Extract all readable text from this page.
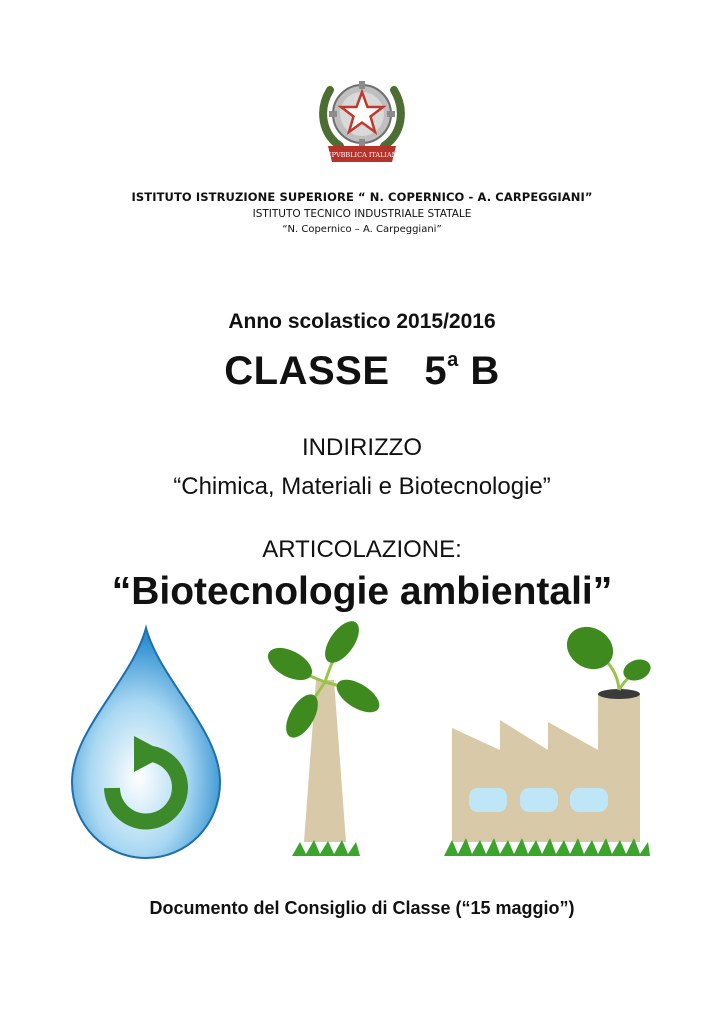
REPVBBLICA ITALIANA
ISTITUTO ISTRUZIONE SUPERIORE “ N. COPERNICO - A. CARPEGGIANI”
ISTITUTO TECNICO INDUSTRIALE STATALE
“N. Copernico – A. Carpeggiani”
Anno scolastico 2015/2016
CLASSE 5$^a$ B
INDIRIZZO
“Chimica, Materiali e Biotecnologie”
ARTICOLAZIONE:
“Biotecnologie ambientali”
Documento del Consiglio di Classe (“15 maggio”)
